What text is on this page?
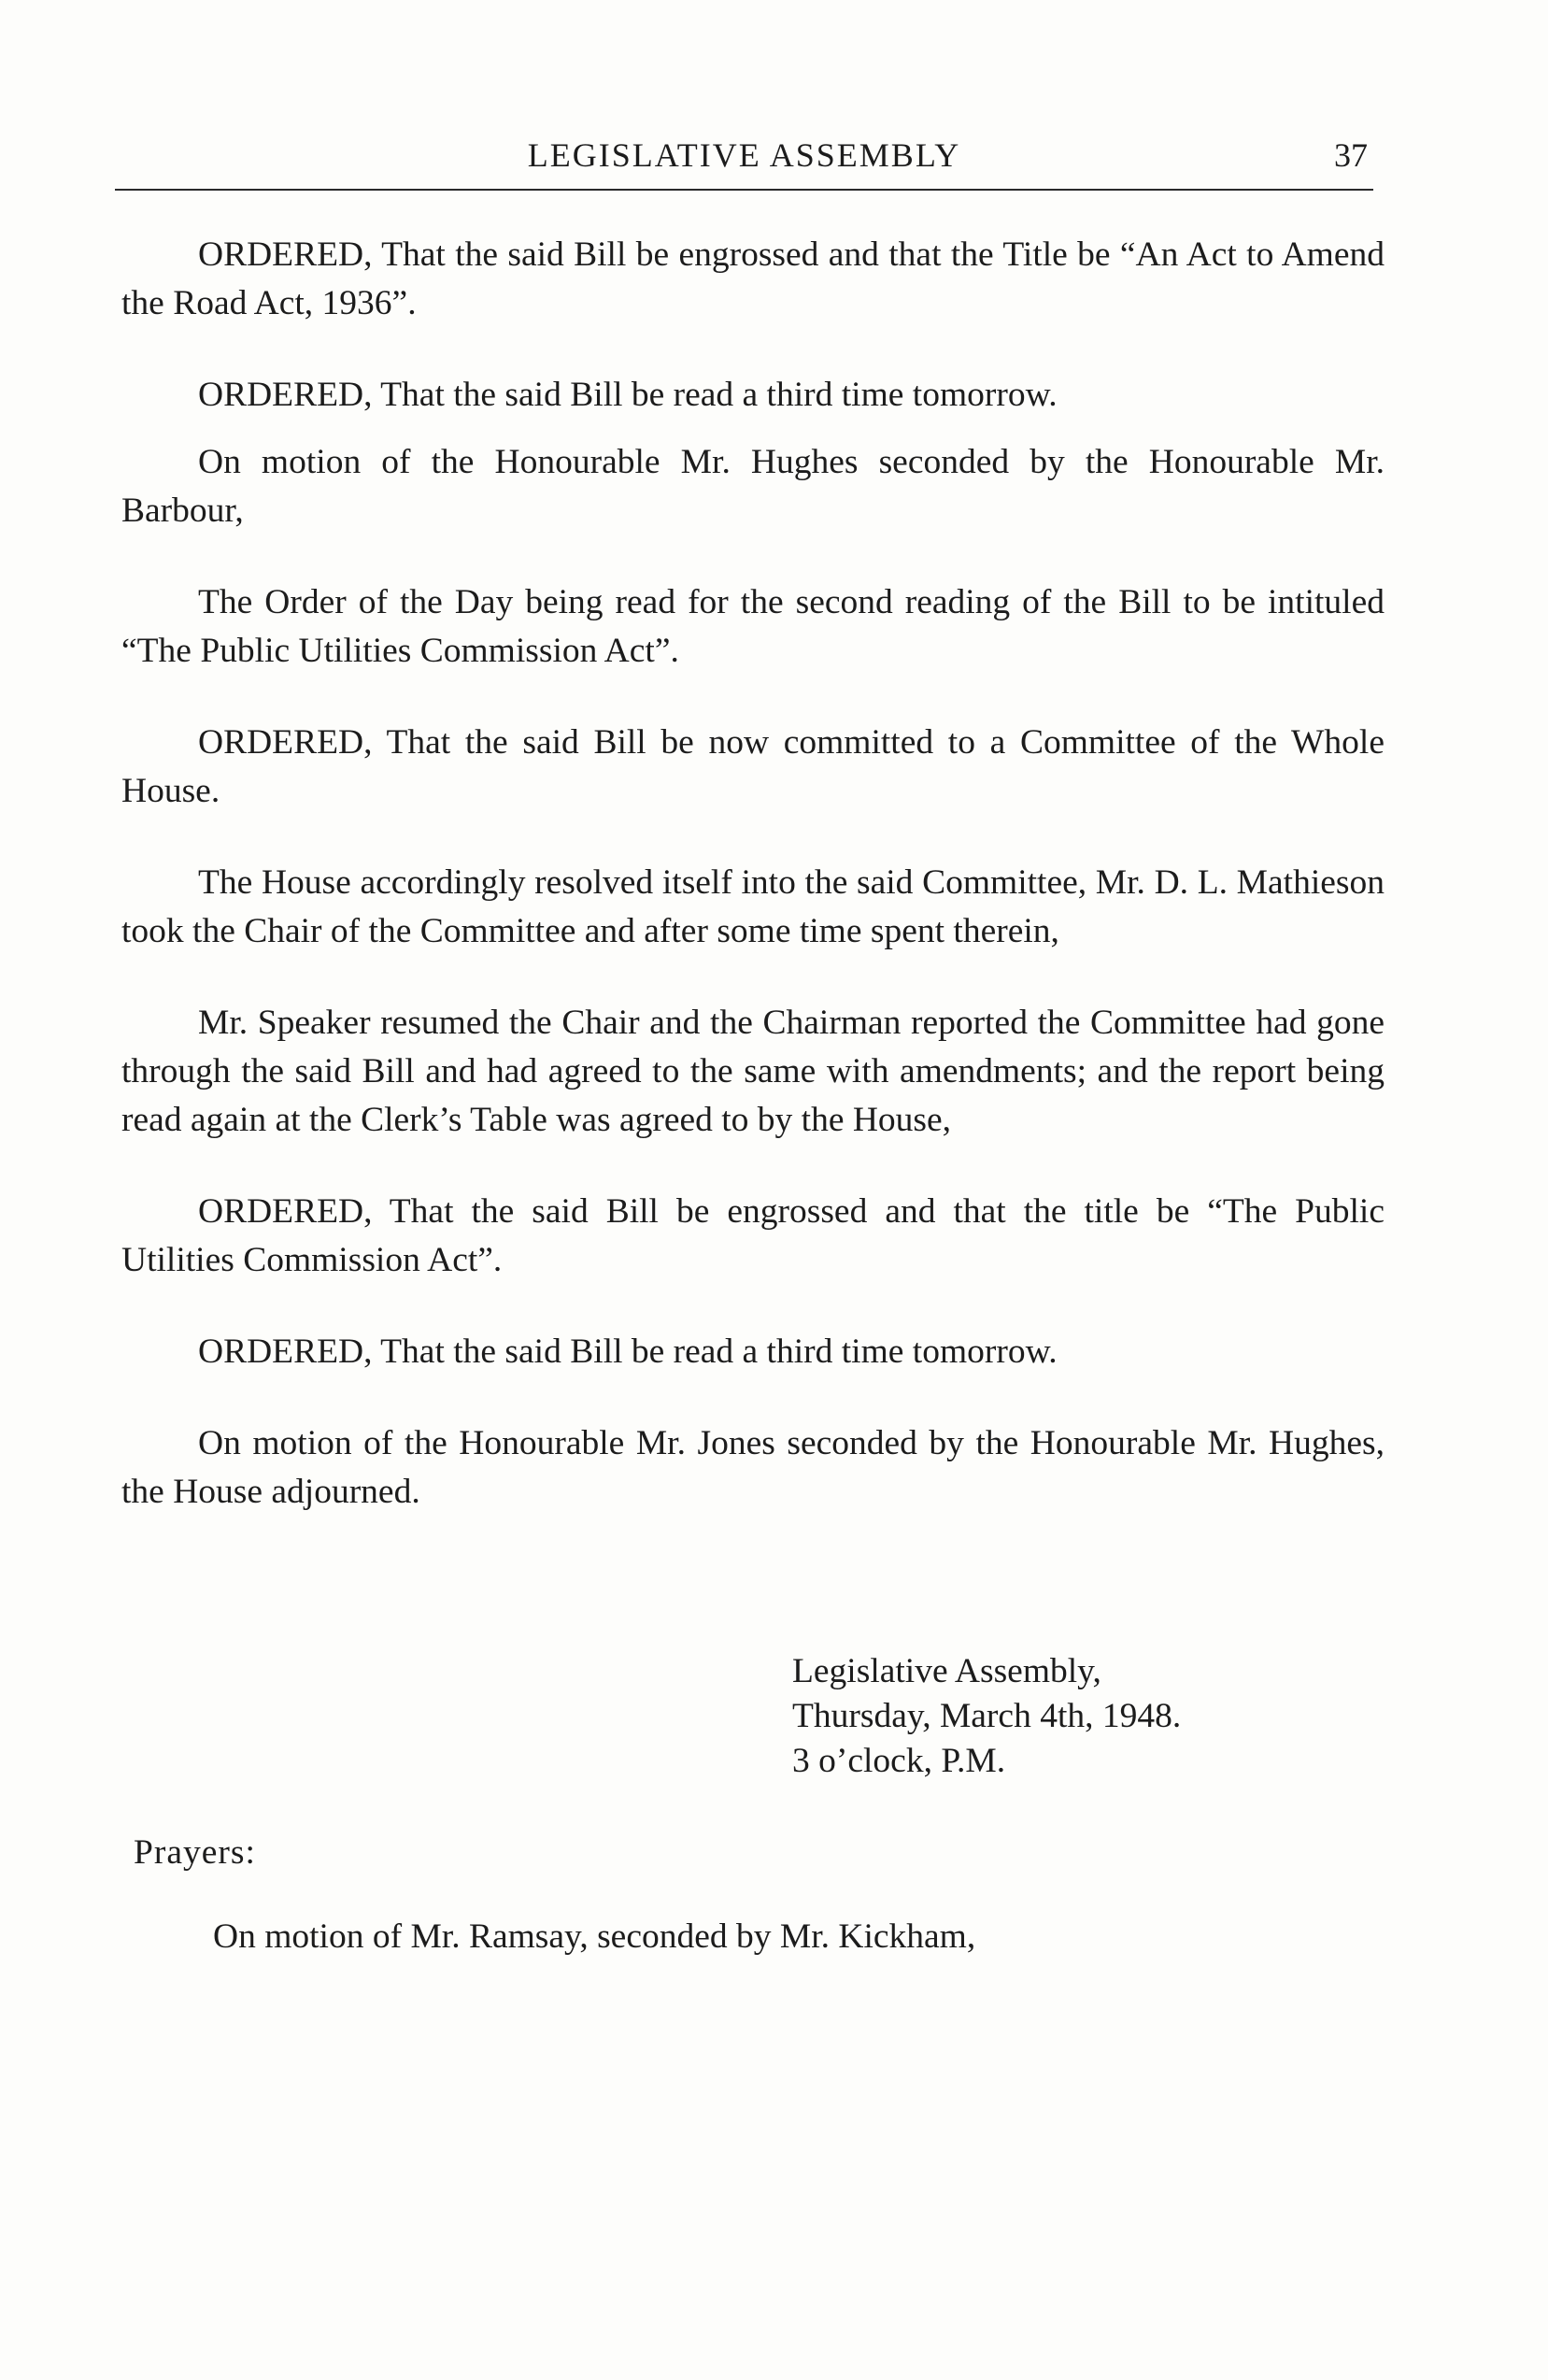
LEGISLATIVE ASSEMBLY	37

ORDERED, That the said Bill be engrossed and that the Title be “An Act to Amend the Road Act, 1936”.

ORDERED, That the said Bill be read a third time tomorrow.

On motion of the Honourable Mr. Hughes seconded by the Honourable Mr. Barbour,

The Order of the Day being read for the second reading of the Bill to be intituled “The Public Utilities Commission Act”.

ORDERED, That the said Bill be now committed to a Committee of the Whole House.

The House accordingly resolved itself into the said Committee, Mr. D. L. Mathieson took the Chair of the Committee and after some time spent therein,

Mr. Speaker resumed the Chair and the Chairman reported the Committee had gone through the said Bill and had agreed to the same with amendments; and the report being read again at the Clerk’s Table was agreed to by the House,

ORDERED, That the said Bill be engrossed and that the title be “The Public Utilities Commission Act”.

ORDERED, That the said Bill be read a third time tomorrow.

On motion of the Honourable Mr. Jones seconded by the Honourable Mr. Hughes, the House adjourned.

Legislative Assembly,
Thursday, March 4th, 1948.
3 o’clock, P.M.
Prayers:
On motion of Mr. Ramsay, seconded by Mr. Kickham,
